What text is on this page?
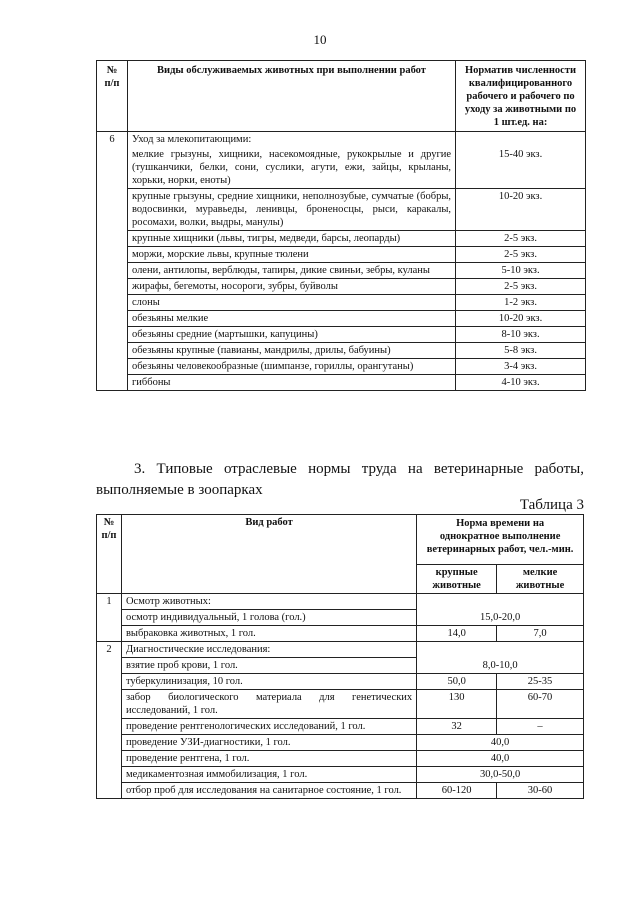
10
№ п/п	Виды обслуживаемых животных при выполнении работ	Норматив численности квалифицированного рабочего и рабочего по уходу за животными по 1 шт.ед. на:
6	Уход за млекопитающими:	
	мелкие грызуны, хищники, насекомоядные, рукокрылые и другие (тушканчики, белки, сони, суслики, агути, ежи, зайцы, крыланы, хорьки, норки, еноты)	15-40 экз.
	крупные грызуны, средние хищники, неполнозубые, сумчатые (бобры, водосвинки, муравьеды, ленивцы, броненосцы, рыси, каракалы, росомахи, волки, выдры, манулы)	10-20 экз.
	крупные хищники (львы, тигры, медведи, барсы, леопарды)	2-5 экз.
	моржи, морские львы, крупные тюлени	2-5 экз.
	олени, антилопы, верблюды, тапиры, дикие свиньи, зебры, куланы	5-10 экз.
	жирафы, бегемоты, носороги, зубры, буйволы	2-5 экз.
	слоны	1-2 экз.
	обезьяны мелкие	10-20 экз.
	обезьяны средние (мартышки, капуцины)	8-10 экз.
	обезьяны крупные (павианы, мандрилы, дрилы, бабуины)	5-8 экз.
	обезьяны человекообразные (шимпанзе, гориллы, орангутаны)	3-4 экз.
	гиббоны	4-10 экз.
3. Типовые отраслевые нормы труда на ветеринарные работы, выполняемые в зоопарках
Таблица 3
№ п/п	Вид работ	Норма времени на однократное выполнение ветеринарных работ, чел.-мин.	
		крупные животные	мелкие животные
1	Осмотр животных:		
	осмотр индивидуальный, 1 голова (гол.)	15,0-20,0	
	выбраковка животных, 1 гол.	14,0	7,0
2	Диагностические исследования:		
	взятие проб крови, 1 гол.	8,0-10,0	
	туберкулинизация, 10 гол.	50,0	25-35
	забор биологического материала для генетических исследований, 1 гол.	130	60-70
	проведение рентгенологических исследований, 1 гол.	32	–
	проведение УЗИ-диагностики, 1 гол.	40,0	
	проведение рентгена, 1 гол.	40,0	
	медикаментозная иммобилизация, 1 гол.	30,0-50,0	
	отбор проб для исследования на санитарное состояние, 1 гол.	60-120	30-60
